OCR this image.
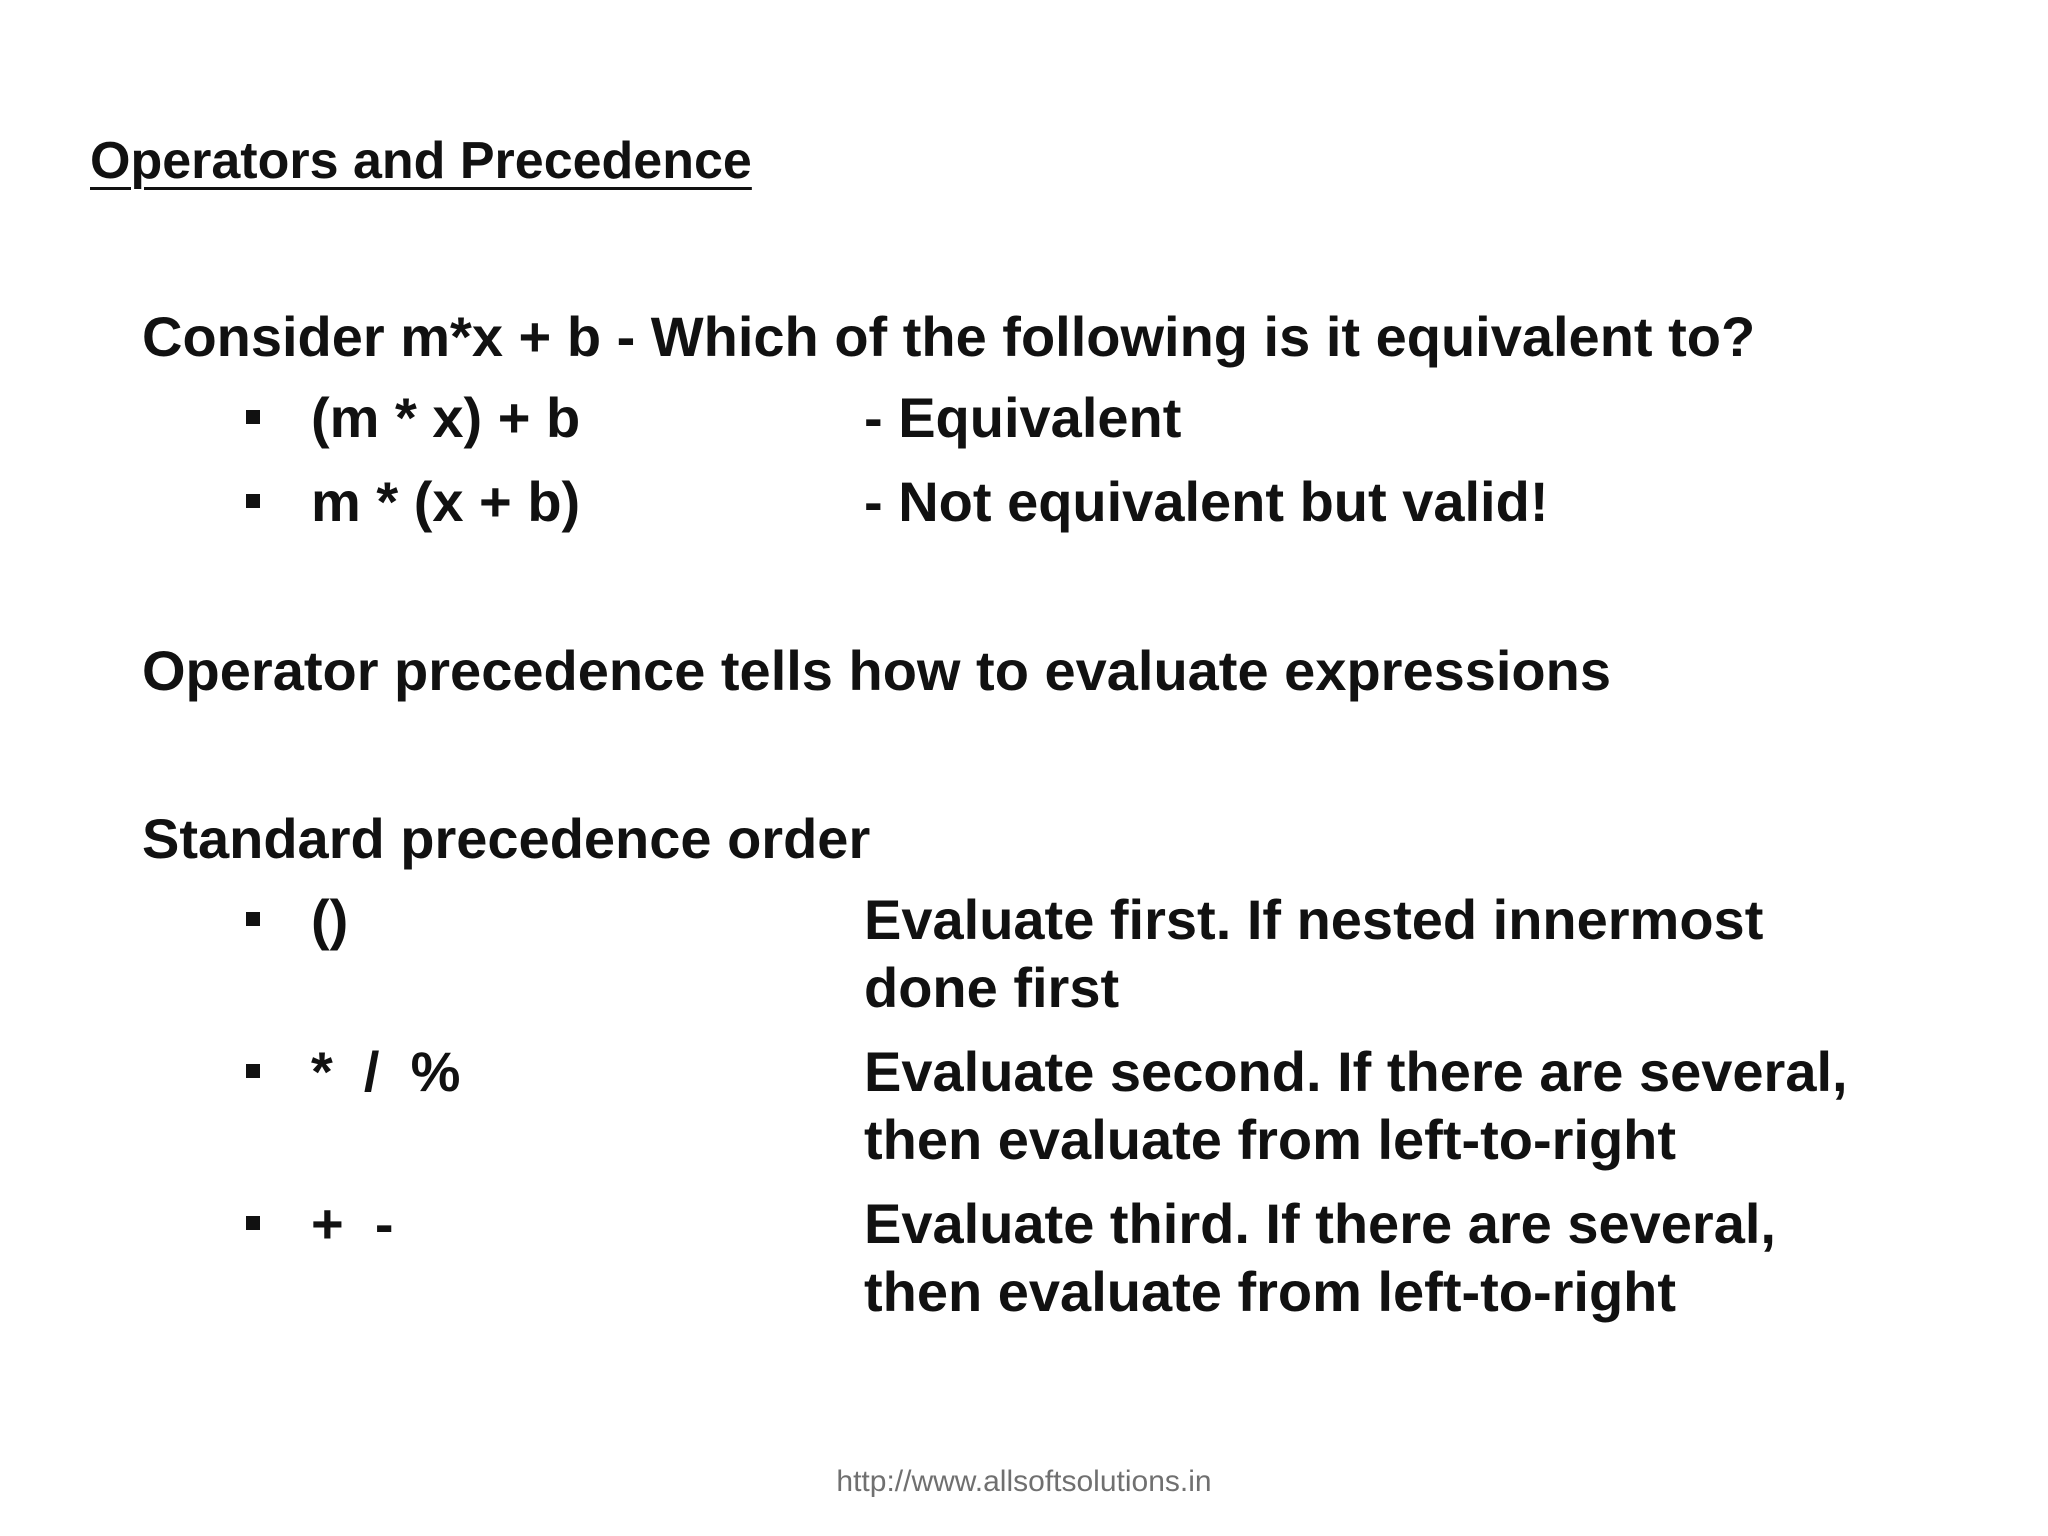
Operators and Precedence
Consider m*x + b - Which of the following is it equivalent to?
(m * x) + b	- Equivalent
m * (x + b)	- Not equivalent but valid!
Operator precedence tells how to evaluate expressions
Standard precedence order
()	Evaluate first. If nested innermost
done first
*  /  %	Evaluate second. If there are several,
then evaluate from left-to-right
+  -	Evaluate third. If there are several,
then evaluate from left-to-right
http://www.allsoftsolutions.in
